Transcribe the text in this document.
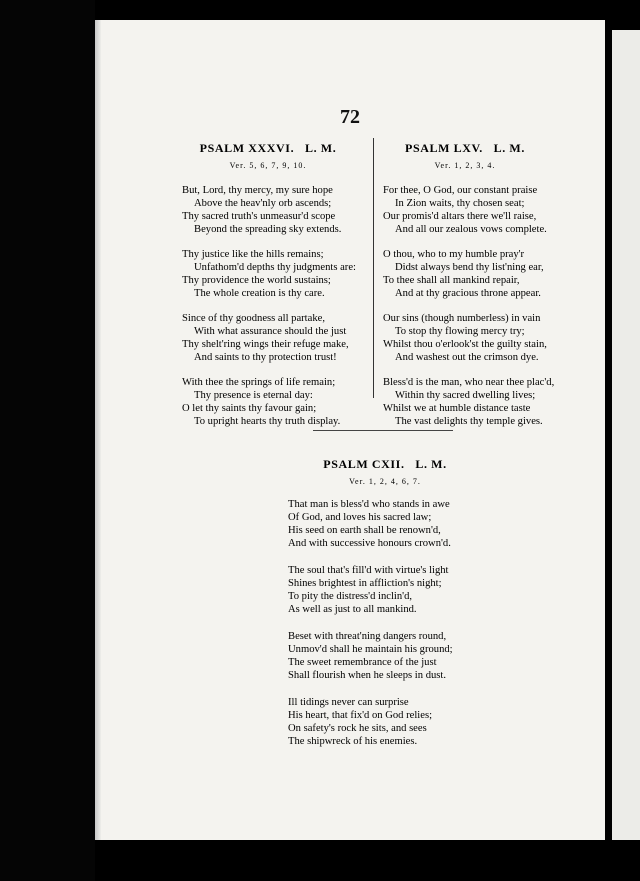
72
PSALM XXXVI. L. M.
Ver. 5, 6, 7, 9, 10.
But, Lord, thy mercy, my sure hope
Above the heav'nly orb ascends;
Thy sacred truth's unmeasur'd scope
Beyond the spreading sky extends.
Thy justice like the hills remains;
Unfathom'd depths thy judgments are:
Thy providence the world sustains;
The whole creation is thy care.
Since of thy goodness all partake,
With what assurance should the just
Thy shelt'ring wings their refuge make,
And saints to thy protection trust!
With thee the springs of life remain;
Thy presence is eternal day:
O let thy saints thy favour gain;
To upright hearts thy truth display.
PSALM LXV. L. M.
Ver. 1, 2, 3, 4.
For thee, O God, our constant praise
In Zion waits, thy chosen seat;
Our promis'd altars there we'll raise,
And all our zealous vows complete.
O thou, who to my humble pray'r
Didst always bend thy list'ning ear,
To thee shall all mankind repair,
And at thy gracious throne appear.
Our sins (though numberless) in vain
To stop thy flowing mercy try;
Whilst thou o'erlook'st the guilty stain,
And washest out the crimson dye.
Bless'd is the man, who near thee plac'd,
Within thy sacred dwelling lives;
Whilst we at humble distance taste
The vast delights thy temple gives.
PSALM CXII. L. M.
Ver. 1, 2, 4, 6, 7.
That man is bless'd who stands in awe
Of God, and loves his sacred law;
His seed on earth shall be renown'd,
And with successive honours crown'd.
The soul that's fill'd with virtue's light
Shines brightest in affliction's night;
To pity the distress'd inclin'd,
As well as just to all mankind.
Beset with threat'ning dangers round,
Unmov'd shall he maintain his ground;
The sweet remembrance of the just
Shall flourish when he sleeps in dust.
Ill tidings never can surprise
His heart, that fix'd on God relies;
On safety's rock he sits, and sees
The shipwreck of his enemies.
